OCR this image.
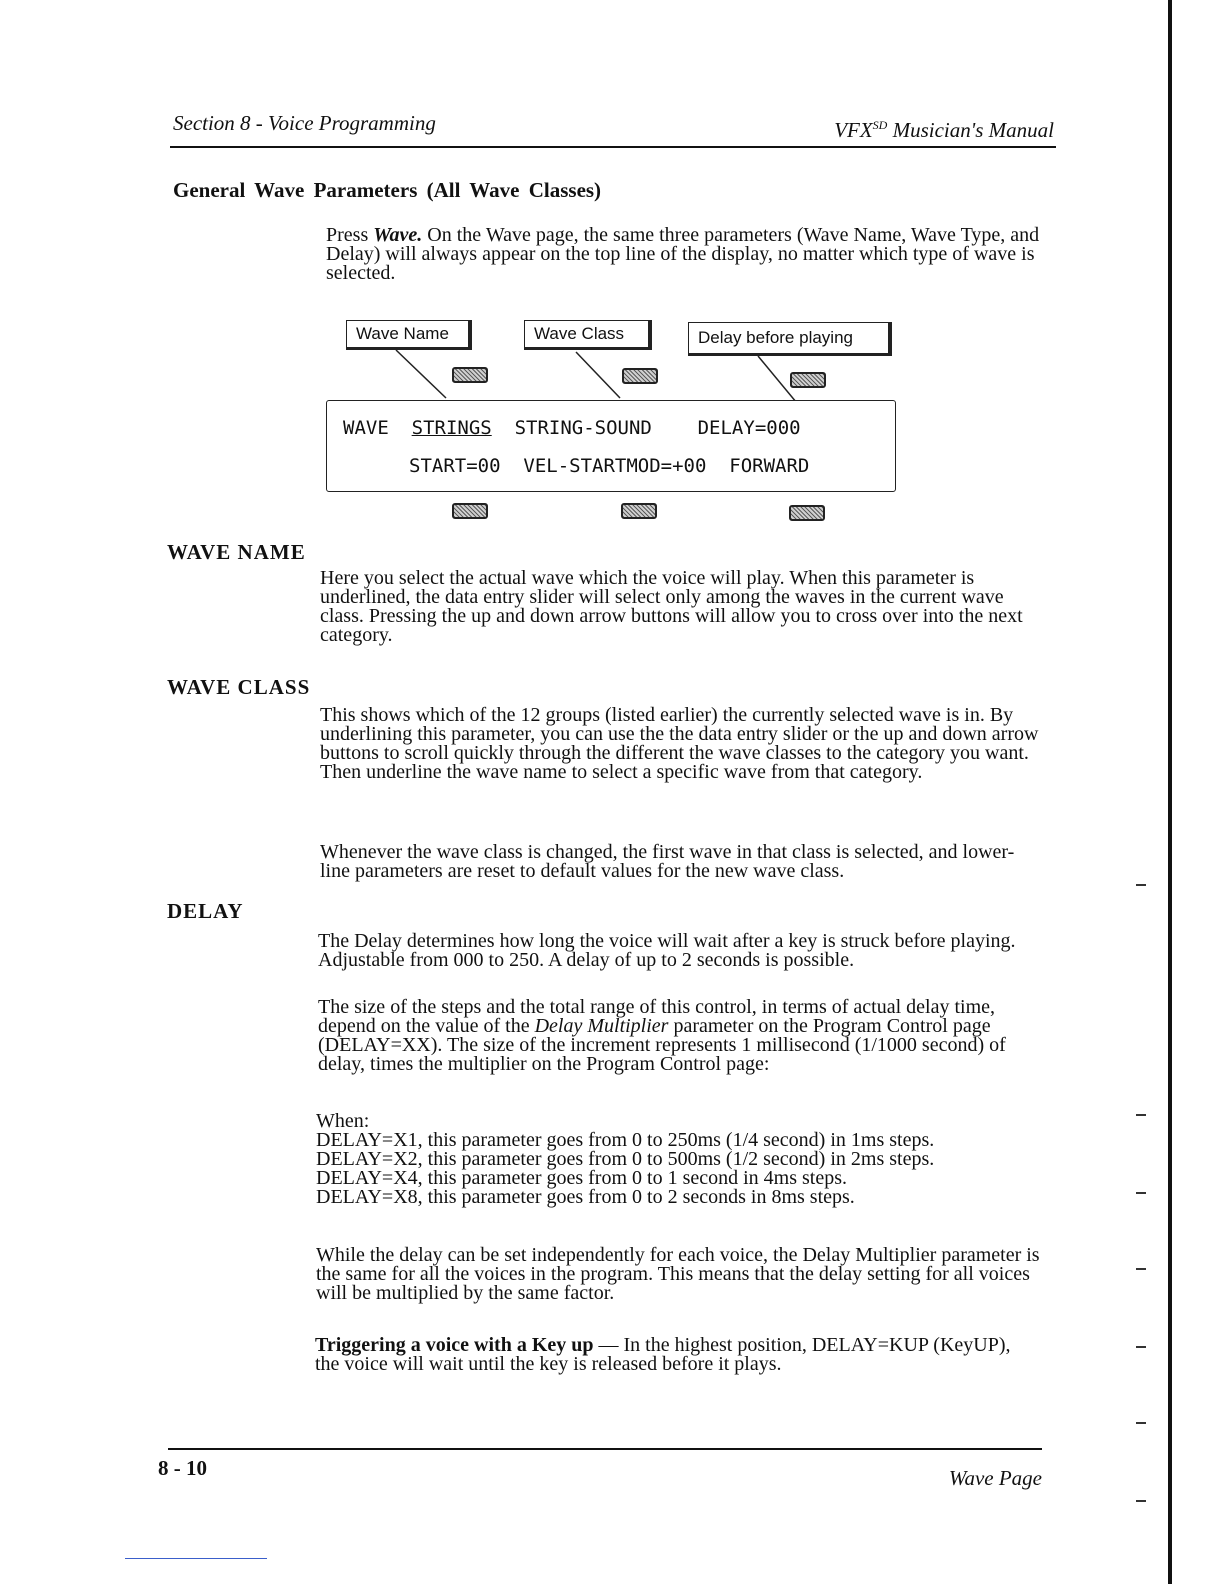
Section 8 - Voice Programming	$VFX^{SD}$ Musician's Manual
General Wave Parameters (All Wave Classes)
Press Wave. On the Wave page, the same three parameters (Wave Name, Wave Type, and Delay) will always appear on the top line of the display, no matter which type of wave is selected.
Wave Name	Wave Class	Delay before playing
WAVE  STRINGS  STRING-SOUND    DELAY=000
START=00  VEL-STARTMOD=+00  FORWARD
WAVE NAME
Here you select the actual wave which the voice will play. When this parameter is underlined, the data entry slider will select only among the waves in the current wave class. Pressing the up and down arrow buttons will allow you to cross over into the next category.
WAVE CLASS
This shows which of the 12 groups (listed earlier) the currently selected wave is in. By underlining this parameter, you can use the the data entry slider or the up and down arrow buttons to scroll quickly through the different the wave classes to the category you want. Then underline the wave name to select a specific wave from that category.
Whenever the wave class is changed, the first wave in that class is selected, and lower-line parameters are reset to default values for the new wave class.
DELAY
The Delay determines how long the voice will wait after a key is struck before playing. Adjustable from 000 to 250. A delay of up to 2 seconds is possible.
The size of the steps and the total range of this control, in terms of actual delay time, depend on the value of the Delay Multiplier parameter on the Program Control page (DELAY=XX). The size of the increment represents 1 millisecond (1/1000 second) of delay, times the multiplier on the Program Control page:
When:
DELAY=X1, this parameter goes from 0 to 250ms (1/4 second) in 1ms steps.
DELAY=X2, this parameter goes from 0 to 500ms (1/2 second) in 2ms steps.
DELAY=X4, this parameter goes from 0 to 1 second in 4ms steps.
DELAY=X8, this parameter goes from 0 to 2 seconds in 8ms steps.
While the delay can be set independently for each voice, the Delay Multiplier parameter is the same for all the voices in the program. This means that the delay setting for all voices will be multiplied by the same factor.
Triggering a voice with a Key up — In the highest position, DELAY=KUP (KeyUP), the voice will wait until the key is released before it plays.
8 - 10	Wave Page
